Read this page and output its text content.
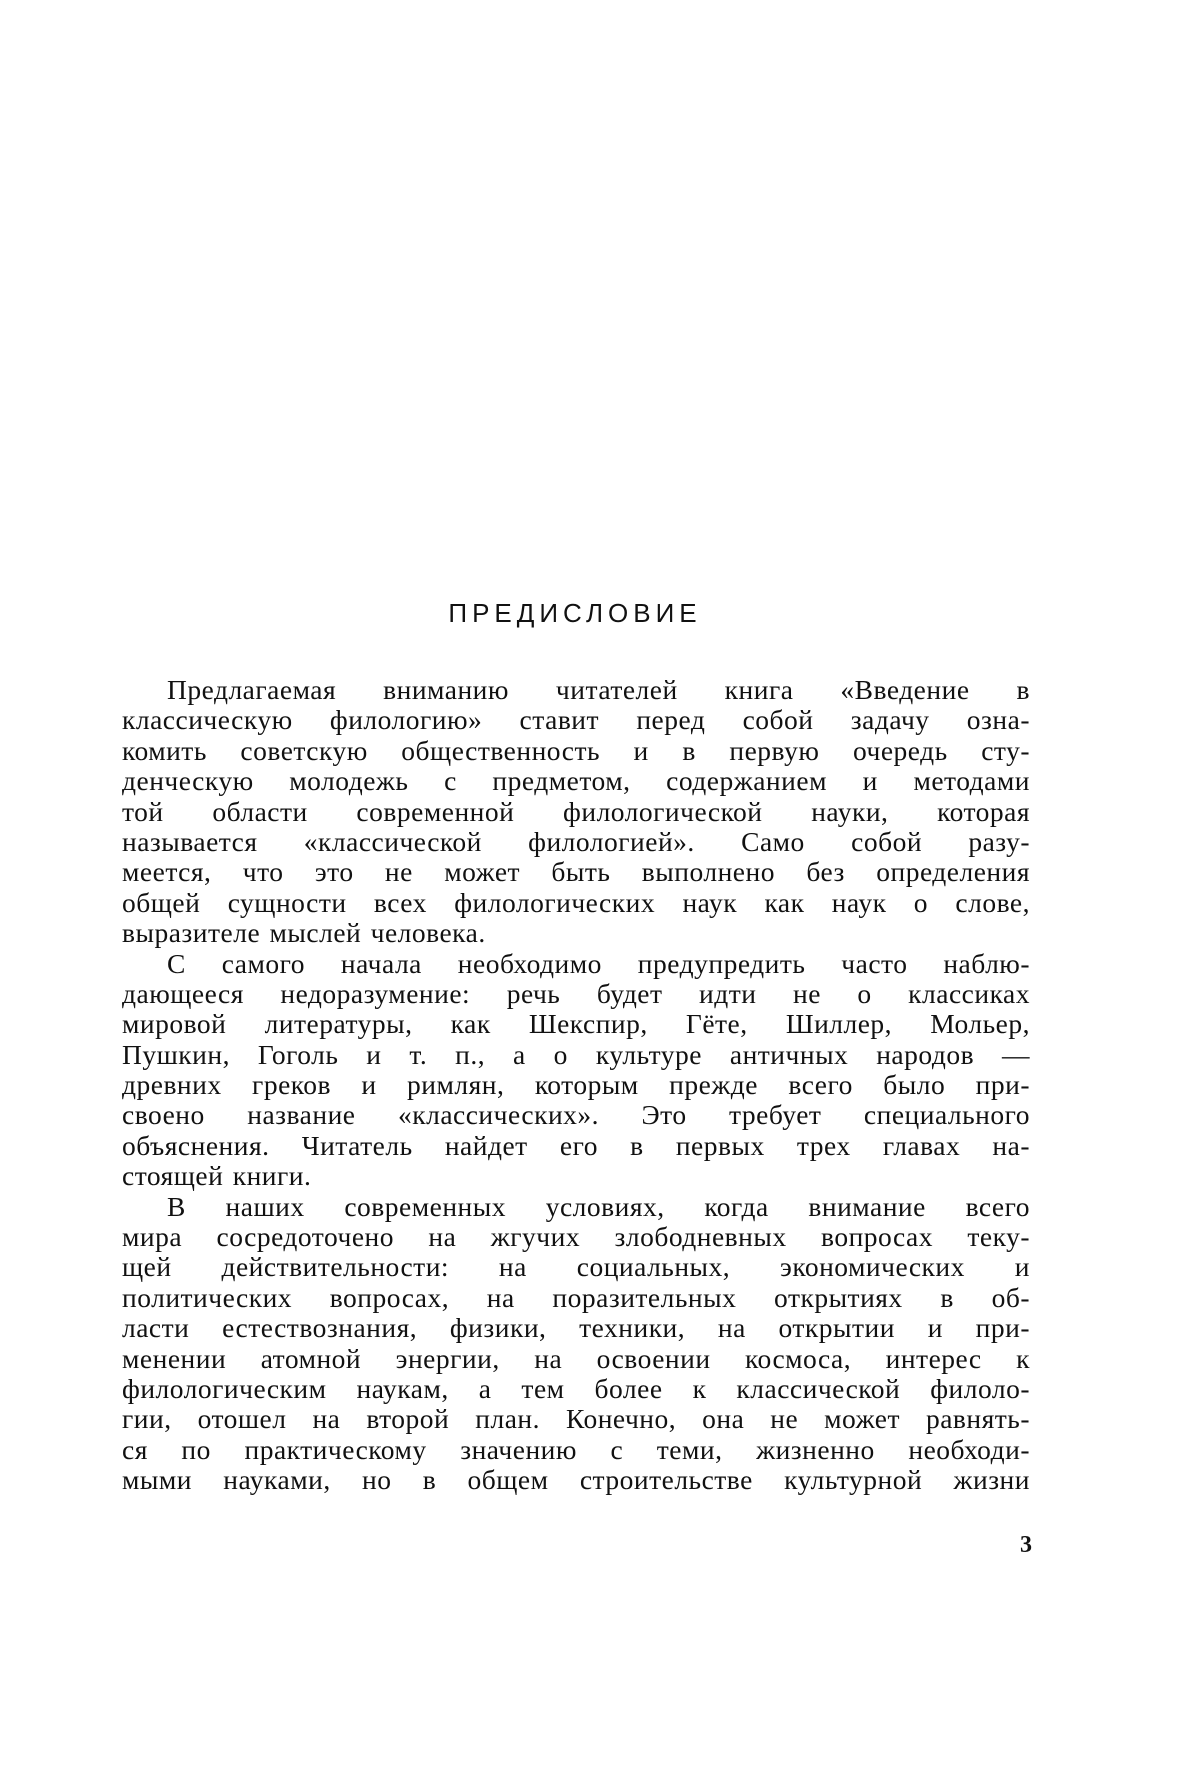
ПРЕДИСЛОВИЕ
Предлагаемая вниманию читателей книга «Введение в
классическую филологию» ставит перед собой задачу озна-
комить советскую общественность и в первую очередь сту-
денческую молодежь с предметом, содержанием и методами
той области современной филологической науки, которая
называется «классической филологией». Само собой разу-
меется, что это не может быть выполнено без определения
общей сущности всех филологических наук как наук о слове,
выразителе мыслей человека.
С самого начала необходимо предупредить часто наблю-
дающееся недоразумение: речь будет идти не о классиках
мировой литературы, как Шекспир, Гёте, Шиллер, Мольер,
Пушкин, Гоголь и т. п., а о культуре античных народов —
древних греков и римлян, которым прежде всего было при-
своено название «классических». Это требует специального
объяснения. Читатель найдет его в первых трех главах на-
стоящей книги.
В наших современных условиях, когда внимание всего
мира сосредоточено на жгучих злободневных вопросах теку-
щей действительности: на социальных, экономических и
политических вопросах, на поразительных открытиях в об-
ласти естествознания, физики, техники, на открытии и при-
менении атомной энергии, на освоении космоса, интерес к
филологическим наукам, а тем более к классической филоло-
гии, отошел на второй план. Конечно, она не может равнять-
ся по практическому значению с теми, жизненно необходи-
мыми науками, но в общем строительстве культурной жизни
3
